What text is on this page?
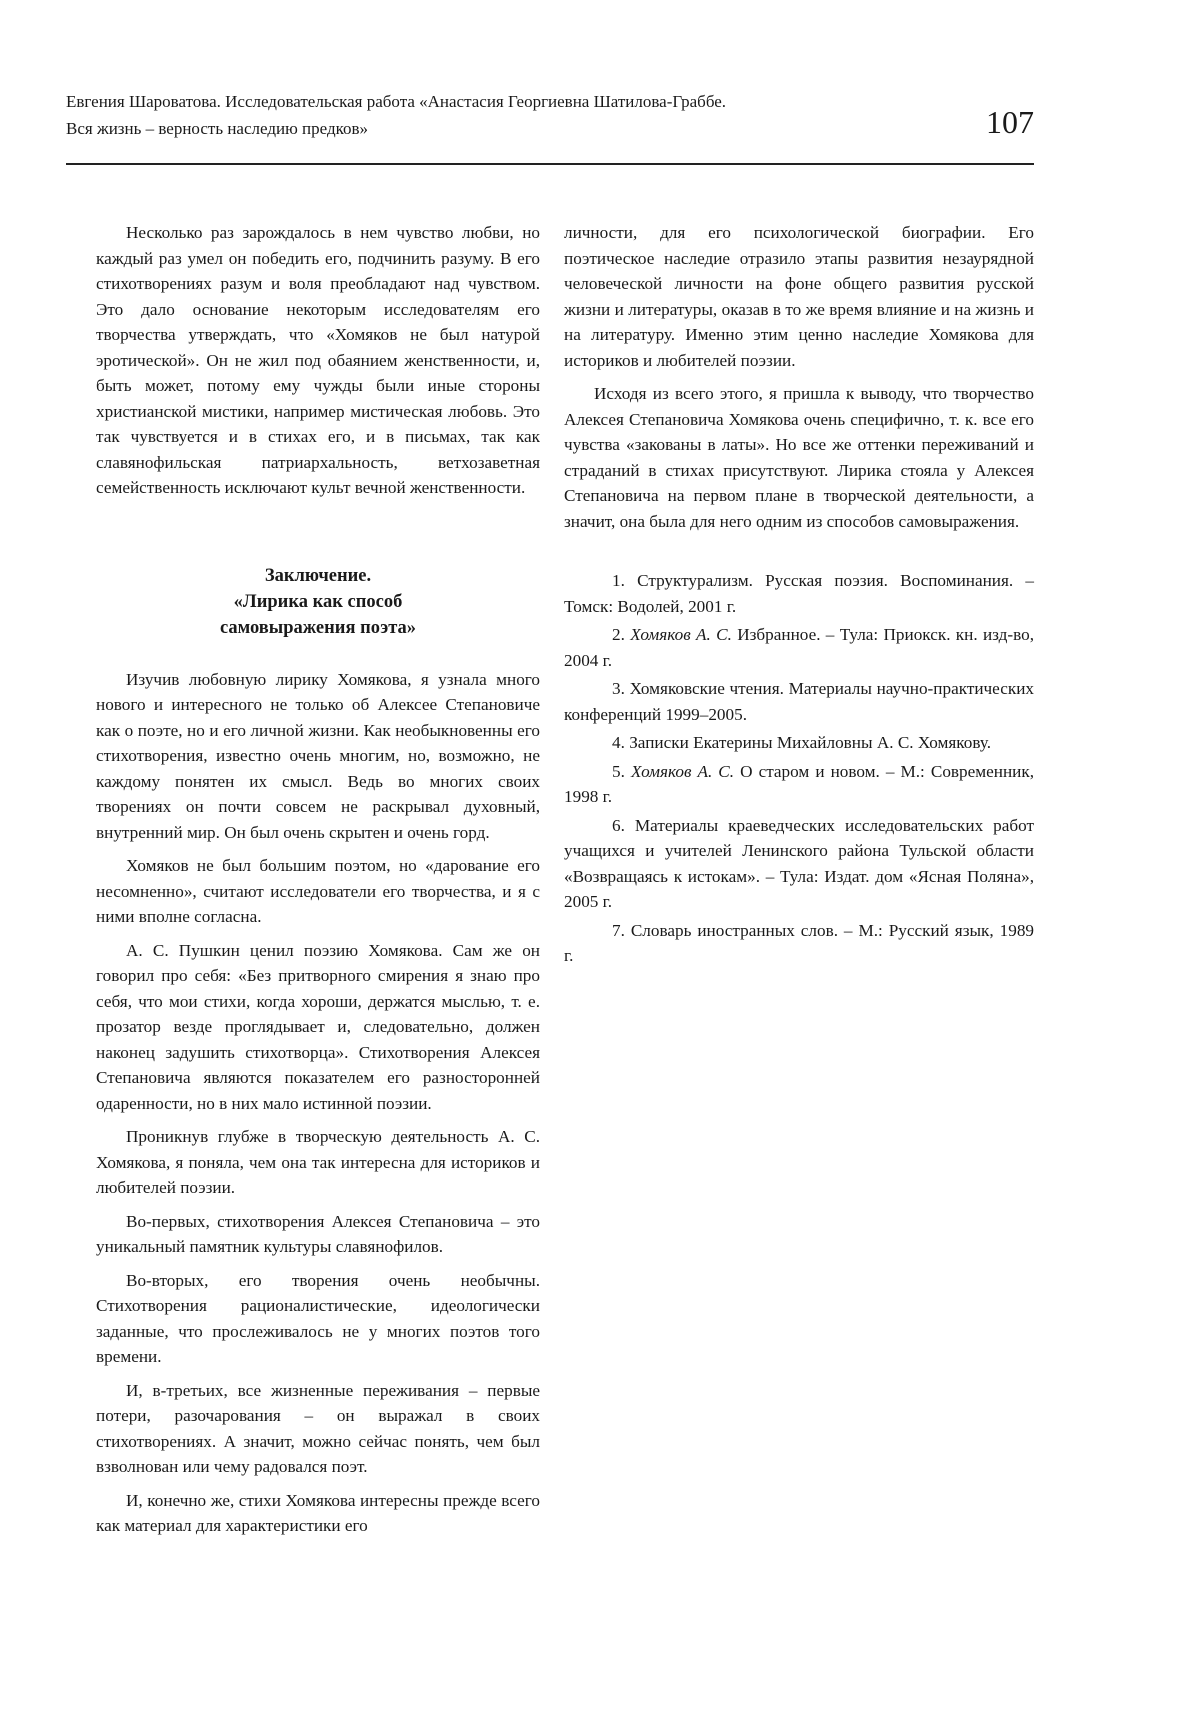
Евгения Шароватова. Исследовательская работа «Анастасия Георгиевна Шатилова-Граббе.
Вся жизнь – верность наследию предков»	107

Несколько раз зарождалось в нем чувство любви, но каждый раз умел он победить его, подчинить разуму. В его стихотворениях разум и воля преобладают над чувством. Это дало основание некоторым исследователям его творчества утверждать, что «Хомяков не был натурой эротической». Он не жил под обаянием женственности, и, быть может, потому ему чужды были иные стороны христианской мистики, например мистическая любовь. Это так чувствуется и в стихах его, и в письмах, так как славянофильская патриархальность, ветхозаветная семейственность исключают культ вечной женственности.

Заключение.
«Лирика как способ
самовыражения поэта»

Изучив любовную лирику Хомякова, я узнала много нового и интересного не только об Алексее Степановиче как о поэте, но и его личной жизни. Как необыкновенны его стихотворения, известно очень многим, но, возможно, не каждому понятен их смысл. Ведь во многих своих творениях он почти совсем не раскрывал духовный, внутренний мир. Он был очень скрытен и очень горд.

Хомяков не был большим поэтом, но «дарование его несомненно», считают исследователи его творчества, и я с ними вполне согласна.

А. С. Пушкин ценил поэзию Хомякова. Сам же он говорил про себя: «Без притворного смирения я знаю про себя, что мои стихи, когда хороши, держатся мыслью, т. е. прозатор везде проглядывает и, следовательно, должен наконец задушить стихотворца». Стихотворения Алексея Степановича являются показателем его разносторонней одаренности, но в них мало истинной поэзии.

Проникнув глубже в творческую деятельность А. С. Хомякова, я поняла, чем она так интересна для историков и любителей поэзии.

Во-первых, стихотворения Алексея Степановича – это уникальный памятник культуры славянофилов.

Во-вторых, его творения очень необычны. Стихотворения рационалистические, идеологически заданные, что прослеживалось не у многих поэтов того времени.

И, в-третьих, все жизненные переживания – первые потери, разочарования – он выражал в своих стихотворениях. А значит, можно сейчас понять, чем был взволнован или чему радовался поэт.

И, конечно же, стихи Хомякова интересны прежде всего как материал для характеристики его

личности, для его психологической биографии. Его поэтическое наследие отразило этапы развития незаурядной человеческой личности на фоне общего развития русской жизни и литературы, оказав в то же время влияние и на жизнь и на литературу. Именно этим ценно наследие Хомякова для историков и любителей поэзии.

Исходя из всего этого, я пришла к выводу, что творчество Алексея Степановича Хомякова очень специфично, т. к. все его чувства «закованы в латы». Но все же оттенки переживаний и страданий в стихах присутствуют. Лирика стояла у Алексея Степановича на первом плане в творческой деятельности, а значит, она была для него одним из способов самовыражения.

1. Структурализм. Русская поэзия. Воспоминания. – Томск: Водолей, 2001 г.

2. Хомяков А. С. Избранное. – Тула: Приокск. кн. изд-во, 2004 г.

3. Хомяковские чтения. Материалы научно-практических конференций 1999–2005.

4. Записки Екатерины Михайловны А. С. Хомякову.

5. Хомяков А. С. О старом и новом. – М.: Современник, 1998 г.

6. Материалы краеведческих исследовательских работ учащихся и учителей Ленинского района Тульской области «Возвращаясь к истокам». – Тула: Издат. дом «Ясная Поляна», 2005 г.

7. Словарь иностранных слов. – М.: Русский язык, 1989 г.
